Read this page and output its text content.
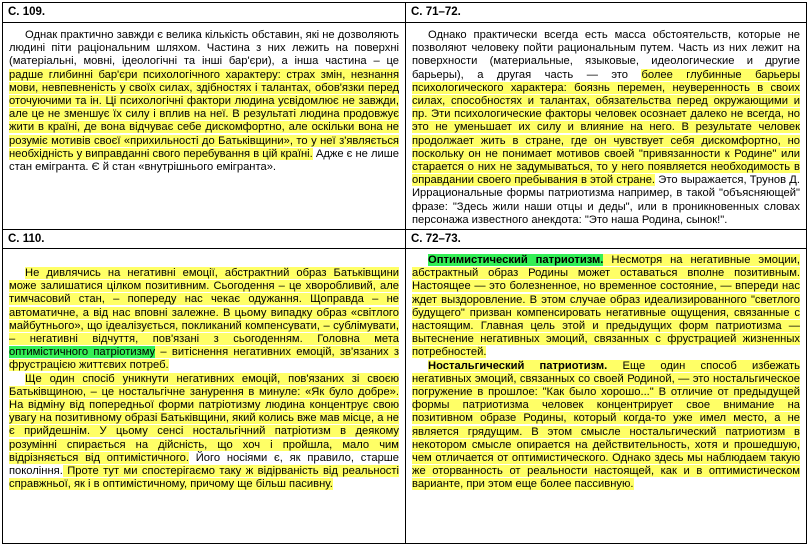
С. 109.	С. 71–72.

Однак практично завжди є велика кількість обставин, які не дозволяють людині піти раціональним шляхом. Частина з них лежить на поверхні (матеріальні, мовні, ідеологічні та інші бар'єри), а інша частина – це радше глибинні бар'єри психологічного характеру: страх змін, незнання мови, невпевненість у своїх силах, здібностях і талантах, обов'язки перед оточуючими та ін. Ці психологічні фактори людина усвідомлює не завжди, але це не зменшує їх силу і вплив на неї. В результаті людина продовжує жити в країні, де вона відчуває себе дискомфортно, але оскільки вона не розуміє мотивів своєї «прихильності до Батьківщини», то у неї з'являється необхідність у виправданні свого перебування в цій країні. Адже є не лише стан емігранта. Є й стан «внутрішнього емігранта».

Однако практически всегда есть масса обстоятельств, которые не позволяют человеку пойти рациональным путем. Часть из них лежит на поверхности (материальные, языковые, идеологические и другие барьеры), а другая часть — это более глубинные барьеры психологического характера: боязнь перемен, неуверенность в своих силах, способностях и талантах, обязательства перед окружающими и пр. Эти психологические факторы человек осознает далеко не всегда, но это не уменьшает их силу и влияние на него. В результате человек продолжает жить в стране, где он чувствует себя дискомфортно, но поскольку он не понимает мотивов своей "привязанности к Родине" или старается о них не задумываться, то у него появляется необходимость в оправдании своего пребывания в этой стране. Это выражается, Трунов Д. Иррациональные формы патриотизма например, в такой "объясняющей" фразе: "Здесь жили наши отцы и деды", или в проникновенных словах персонажа известного анекдота: "Это наша Родина, сынок!".

С. 110.	С. 72–73.

Не дивлячись на негативні емоції, абстрактний образ Батьківщини може залишатися цілком позитивним. Сьогодення – це хворобливий, але тимчасовий стан, – попереду нас чекає одужання. Щоправда – не автоматичне, а від нас вповні залежне. В цьому випадку образ «світлого майбутнього», що ідеалізується, покликаний компенсувати, – сублімувати, – негативні відчуття, пов'язані з сьогоденням. Головна мета оптимістичного патріотизму – витіснення негативних емоцій, зв'язаних з фрустрацією життєвих потреб.

Ще один спосіб уникнути негативних емоцій, пов'язаних зі своєю Батьківщиною, – це ностальгічне занурення в минуле: «Як було добре». На відміну від попередньої форми патріотизму людина концентрує свою увагу на позитивному образі Батьківщини, який колись вже мав місце, а не є прийдешнім. У цьому сенсі ностальгічний патріотизм в деякому розумінні спирається на дійсність, що хоч і пройшла, мало чим відрізняється від оптимістичного. Його носіями є, як правило, старше покоління. Проте тут ми спостерігаємо таку ж відірваність від реальності справжньої, як і в оптимістичному, причому ще більш пасивну.

Оптимистический патриотизм. Несмотря на негативные эмоции, абстрактный образ Родины может оставаться вполне позитивным. Настоящее — это болезненное, но временное состояние, — впереди нас ждет выздоровление. В этом случае образ идеализированного "светлого будущего" призван компенсировать негативные ощущения, связанные с настоящим. Главная цель этой и предыдущих форм патриотизма — вытеснение негативных эмоций, связанных с фрустрацией жизненных потребностей.

Ностальгический патриотизм. Еще один способ избежать негативных эмоций, связанных со своей Родиной, — это ностальгическое погружение в прошлое: "Как было хорошо..." В отличие от предыдущей формы патриотизма человек концентрирует свое внимание на позитивном образе Родины, который когда-то уже имел место, а не является грядущим. В этом смысле ностальгический патриотизм в некотором смысле опирается на действительность, хотя и прошедшую, чем отличается от оптимистического. Однако здесь мы наблюдаем такую же оторванность от реальности настоящей, как и в оптимистическом варианте, при этом еще более пассивную.
